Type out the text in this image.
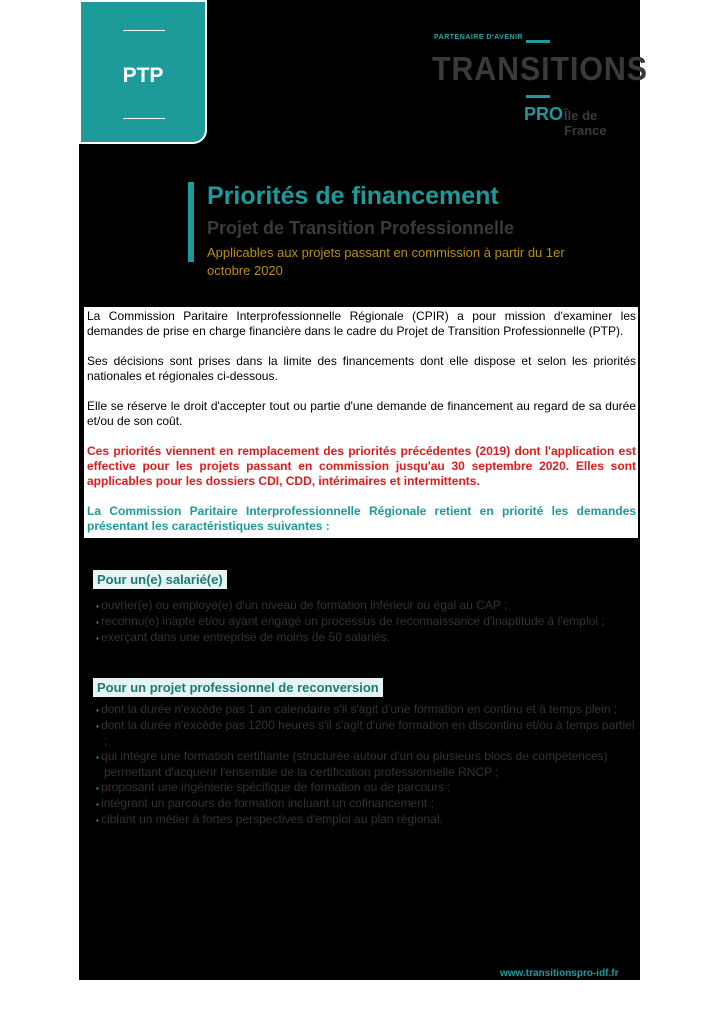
PTP
PARTENAIRE D'AVENIR
TRANSITIONS
PRO Île de France
Priorités de financement
Projet de Transition Professionnelle
Applicables aux projets passant en commission à partir du 1er octobre 2020

La Commission Paritaire Interprofessionnelle Régionale (CPIR) a pour mission d'examiner les demandes de prise en charge financière dans le cadre du Projet de Transition Professionnelle (PTP).

Ses décisions sont prises dans la limite des financements dont elle dispose et selon les priorités nationales et régionales ci-dessous.

Elle se réserve le droit d'accepter tout ou partie d'une demande de financement au regard de sa durée et/ou de son coût.

Ces priorités viennent en remplacement des priorités précédentes (2019) dont l'application est effective pour les projets passant en commission jusqu'au 30 septembre 2020. Elles sont applicables pour les dossiers CDI, CDD, intérimaires et intermittents.

La Commission Paritaire Interprofessionnelle Régionale retient en priorité les demandes présentant les caractéristiques suivantes :

Pour un(e) salarié(e)
▪ ouvrier(e) ou employé(e) d'un niveau de formation inférieur ou égal au CAP ;
▪ reconnu(e) inapte et/ou ayant engagé un processus de reconnaissance d'inaptitude à l'emploi ;
▪ exerçant dans une entreprise de moins de 50 salariés.
Pour un projet professionnel de reconversion
▪ dont la durée n'excède pas 1 an calendaire s'il s'agit d'une formation en continu et à temps plein ;
▪ dont la durée n'excède pas 1200 heures s'il s'agit d'une formation en discontinu et/ou à temps partiel ;
▪ qui intègre une formation certifiante (structurée autour d'un ou plusieurs blocs de compétences) permettant d'acquérir l'ensemble de la certification professionnelle RNCP ;
▪ proposant une ingénierie spécifique de formation ou de parcours ;
▪ intégrant un parcours de formation incluant un cofinancement ;
▪ ciblant un métier à fortes perspectives d'emploi au plan régional.
www.transitionspro-idf.fr
